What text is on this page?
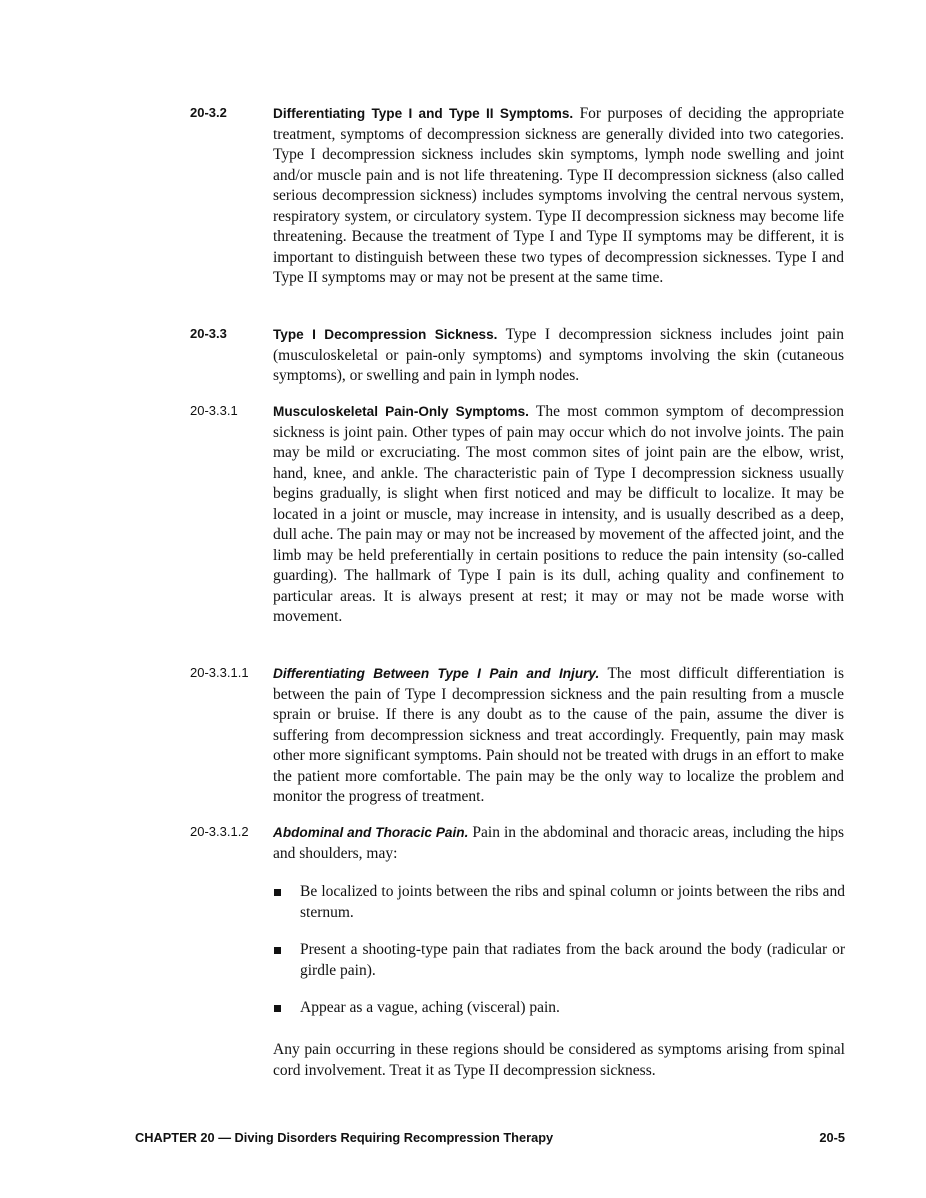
20-3.2	Differentiating Type I and Type II Symptoms. For purposes of deciding the appropriate treatment, symptoms of decompression sickness are generally divided into two categories. Type I decompression sickness includes skin symptoms, lymph node swelling and joint and/or muscle pain and is not life threatening. Type II decompression sickness (also called serious decompression sickness) includes symptoms involving the central nervous system, respiratory system, or circulatory system. Type II decompression sickness may become life threatening. Because the treatment of Type I and Type II symptoms may be different, it is important to distinguish between these two types of decompression sicknesses. Type I and Type II symptoms may or may not be present at the same time.
20-3.3	Type I Decompression Sickness. Type I decompression sickness includes joint pain (musculoskeletal or pain-only symptoms) and symptoms involving the skin (cutaneous symptoms), or swelling and pain in lymph nodes.
20-3.3.1	Musculoskeletal Pain-Only Symptoms. The most common symptom of decompression sickness is joint pain. Other types of pain may occur which do not involve joints. The pain may be mild or excruciating. The most common sites of joint pain are the elbow, wrist, hand, knee, and ankle. The characteristic pain of Type I decompression sickness usually begins gradually, is slight when first noticed and may be difficult to localize. It may be located in a joint or muscle, may increase in intensity, and is usually described as a deep, dull ache. The pain may or may not be increased by movement of the affected joint, and the limb may be held preferentially in certain positions to reduce the pain intensity (so-called guarding). The hallmark of Type I pain is its dull, aching quality and confinement to particular areas. It is always present at rest; it may or may not be made worse with movement.
20-3.3.1.1	Differentiating Between Type I Pain and Injury. The most difficult differentiation is between the pain of Type I decompression sickness and the pain resulting from a muscle sprain or bruise. If there is any doubt as to the cause of the pain, assume the diver is suffering from decompression sickness and treat accordingly. Frequently, pain may mask other more significant symptoms. Pain should not be treated with drugs in an effort to make the patient more comfortable. The pain may be the only way to localize the problem and monitor the progress of treatment.
20-3.3.1.2	Abdominal and Thoracic Pain. Pain in the abdominal and thoracic areas, including the hips and shoulders, may:
Be localized to joints between the ribs and spinal column or joints between the ribs and sternum.
Present a shooting-type pain that radiates from the back around the body (radicular or girdle pain).
Appear as a vague, aching (visceral) pain.
Any pain occurring in these regions should be considered as symptoms arising from spinal cord involvement. Treat it as Type II decompression sickness.
CHAPTER 20 — Diving Disorders Requiring Recompression Therapy	20-5
